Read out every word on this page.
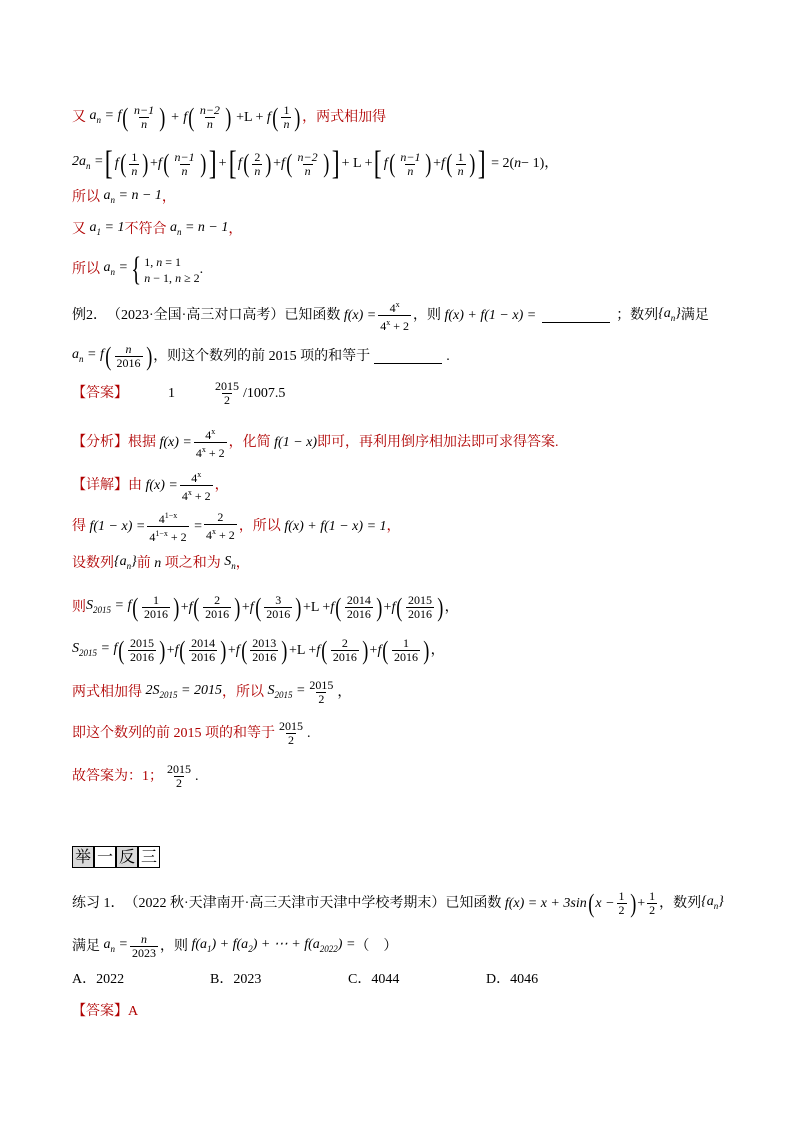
又 $a_n = f$ ( $\frac{n-1}{n}$ ) + f ( $\frac{n-2}{n}$ ) +L + f ( $\frac{1}{n}$ ) ，两式相加得
$2a_n$ = [ f ( $\frac{1}{n}$ ) + f ( $\frac{n-1}{n}$ ) ] + [ f ( $\frac{2}{n}$ ) + f ( $\frac{n-2}{n}$ ) ] + L + [ f ( $\frac{n-1}{n}$ ) + f ( $\frac{1}{n}$ ) ] = 2( n − 1)，
所以 $a_n = n - 1$ ，
又 $a_1 = 1$ 不符合 $a_n = n - 1$ ，
所以 $a_n$ = { 1, n = 1
n − 1, n ≥ 2
.
例2． （2023·全国·高三对口高考） 已知函数 $f(x) = \frac{4^x}{4^x + 2}$ ，则 f(x) + f(1 − x) =	；数列 $\{a_n\}$ 满足
$a_n = f$ ( $\frac{n}{2016}$ ) ，则这个数列的前 2015 项的和等于	.
【答案】	1	$\frac{2015}{2} /1007.5$
【分析】 根据 $f(x) = \frac{4^x}{4^x + 2}$ ，化简 f(1 − x) 即可，再利用倒序相加法即可求得答案.
【详解】 由 $f(x) = \frac{4^x}{4^x + 2}$ ，
得 $f(1 - x) = \frac{4^{1-x}}{4^{1-x} + 2} = \frac{2}{4^x + 2}$ ，所以 f(x) + f(1 − x) = 1 ，
设数列 $\{a_n\}$ 前 n 项之和为 $S_n$ ，
则 $S_{2015} = f$ ( $\frac{1}{2016}$ ) + f ( $\frac{2}{2016}$ ) + f ( $\frac{3}{2016}$ ) +L + f ( $\frac{2014}{2016}$ ) + f ( $\frac{2015}{2016}$ ) ，
$S_{2015} = f$ ( $\frac{2015}{2016}$ ) + f ( $\frac{2014}{2016}$ ) + f ( $\frac{2013}{2016}$ ) +L + f ( $\frac{2}{2016}$ ) + f ( $\frac{1}{2016}$ ) ，
两式相加得 $2S_{2015} = 2015$ ，所以 $S_{2015} = \frac{2015}{2}$ ，
即这个数列的前 2015 项的和等于 $\frac{2015}{2}$ .
故答案为：1； $\frac{2015}{2}$ .
举 一 反 三
练习 1． （2022 秋·天津南开·高三天津市天津中学校考期末） 已知函数 f(x) = x + 3sin ( $x - \frac{1}{2}$ ) + $\frac{1}{2}$ ，数列 $\{a_n\}$
满足 $a_n = \frac{n}{2023}$ ，则 $f(a_1) + f(a_2)$ + ⋯ + $f(a_{2022})$ = （　）
A．2022	B．2023	C．4044	D．4046
【答案】 A
